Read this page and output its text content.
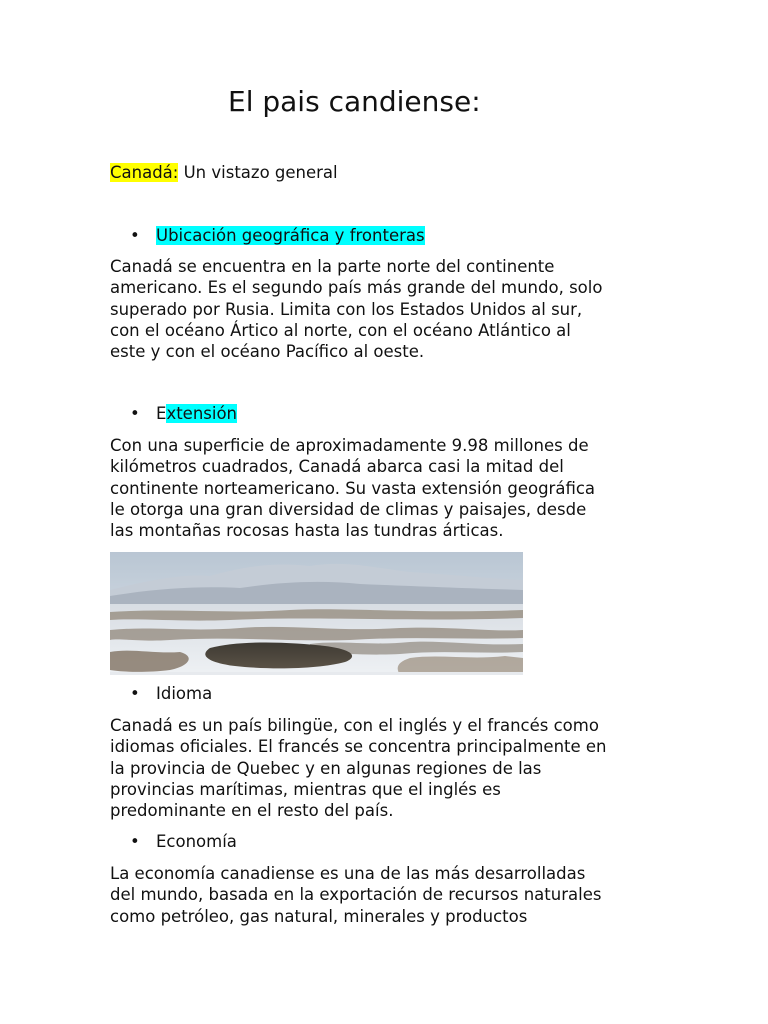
El pais candiense:
Canadá: Un vistazo general
• Ubicación geográfica y fronteras
Canadá se encuentra en la parte norte del continente
americano. Es el segundo país más grande del mundo, solo
superado por Rusia. Limita con los Estados Unidos al sur,
con el océano Ártico al norte, con el océano Atlántico al
este y con el océano Pacífico al oeste.
• Extensión
Con una superficie de aproximadamente 9.98 millones de
kilómetros cuadrados, Canadá abarca casi la mitad del
continente norteamericano. Su vasta extensión geográfica
le otorga una gran diversidad de climas y paisajes, desde
las montañas rocosas hasta las tundras árticas.
• Idioma
Canadá es un país bilingüe, con el inglés y el francés como
idiomas oficiales. El francés se concentra principalmente en
la provincia de Quebec y en algunas regiones de las
provincias marítimas, mientras que el inglés es
predominante en el resto del país.
• Economía
La economía canadiense es una de las más desarrolladas
del mundo, basada en la exportación de recursos naturales
como petróleo, gas natural, minerales y productos
